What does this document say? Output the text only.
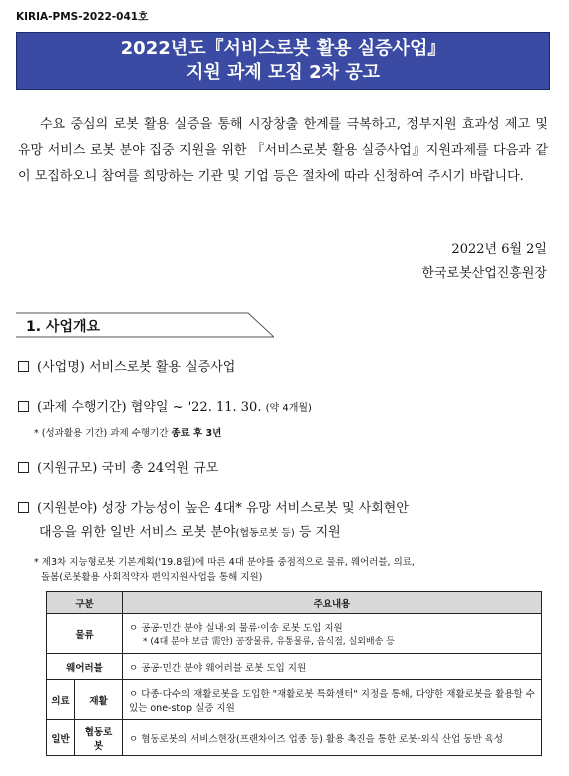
KIRIA-PMS-2022-041호
2022년도『서비스로봇 활용 실증사업』
지원 과제 모집 2차 공고

수요 중심의 로봇 활용 실증을 통해 시장창출 한계를 극복하고, 정부지원 효과성 제고 및 유망 서비스 로봇 분야 집중 지원을 위한 『서비스로봇 활용 실증사업』지원과제를 다음과 같이 모집하오니 참여를 희망하는 기관 및 기업 등은 절차에 따라 신청하여 주시기 바랍니다.

2022년 6월 2일
한국로봇산업진흥원장
1. 사업개요
(사업명) 서비스로봇 활용 실증사업
(과제 수행기간) 협약일 ~ '22. 11. 30. (약 4개월)
* (성과활용 기간) 과제 수행기간 종료 후 3년
(지원규모) 국비 총 24억원 규모
(지원분야) 성장 가능성이 높은 4대* 유망 서비스로봇 및 사회현안
대응을 위한 일반 서비스 로봇 분야(협동로봇 등) 등 지원
* 제3차 지능형로봇 기본계획('19.8월)에 따른 4대 분야를 중점적으로 물류, 웨어러블, 의료,
돌봄(로봇활용 사회적약자 편익지원사업을 통해 지원)
구분		주요내용
물류		ㅇ 공공·민간 분야 실내·외 물류·이송 로봇 도입 지원
* (4대 분야 보급 需안) 공장물류, 유통물류, 음식점, 실외배송 등

웨어러블		ㅇ 공공·민간 분야 웨어러블 로봇 도입 지원
의료	재활	ㅇ 다종·다수의 재활로봇을 도입한 "재활로봇 특화센터" 지정을 통해, 다양한 재활로봇을 활용할 수 있는 one-stop 실증 지원
일반	협동로봇	ㅇ 협동로봇의 서비스현장(프랜차이즈 업종 등) 활용 촉진을 통한 로봇·외식 산업 동반 육성
